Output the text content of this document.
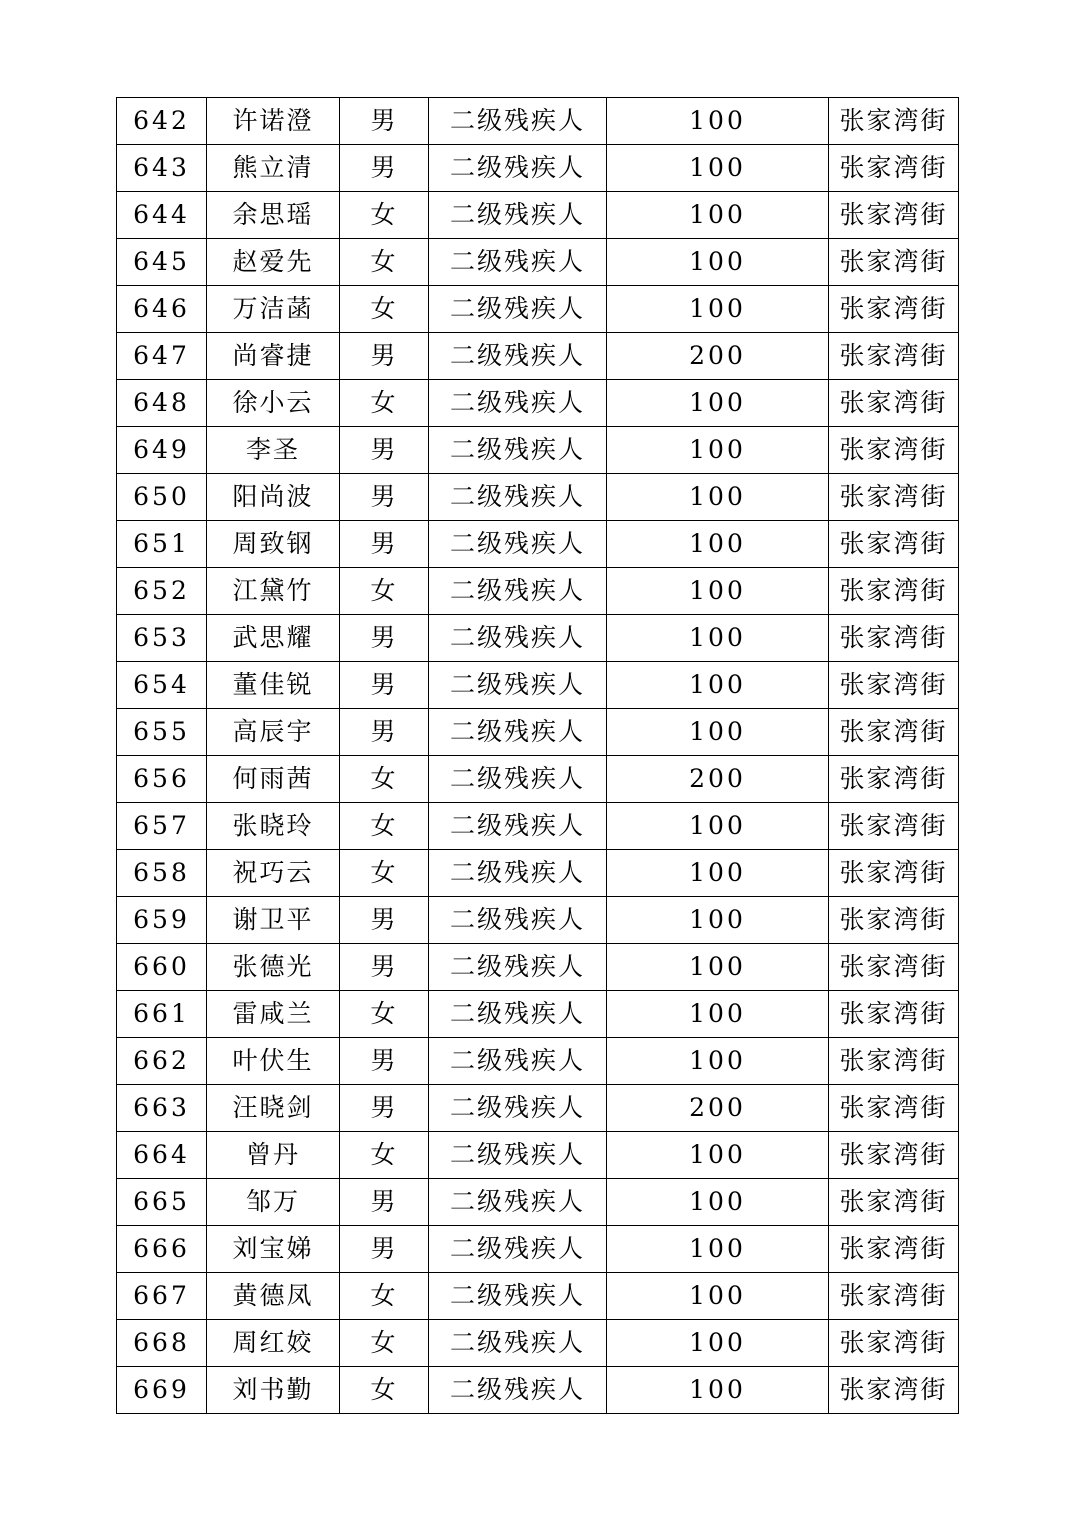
642	许诺澄	男	二级残疾人	100	张家湾街
643	熊立清	男	二级残疾人	100	张家湾街
644	余思瑶	女	二级残疾人	100	张家湾街
645	赵爱先	女	二级残疾人	100	张家湾街
646	万洁菡	女	二级残疾人	100	张家湾街
647	尚睿捷	男	二级残疾人	200	张家湾街
648	徐小云	女	二级残疾人	100	张家湾街
649	李圣	男	二级残疾人	100	张家湾街
650	阳尚波	男	二级残疾人	100	张家湾街
651	周致钢	男	二级残疾人	100	张家湾街
652	江黛竹	女	二级残疾人	100	张家湾街
653	武思耀	男	二级残疾人	100	张家湾街
654	董佳锐	男	二级残疾人	100	张家湾街
655	高辰宇	男	二级残疾人	100	张家湾街
656	何雨茜	女	二级残疾人	200	张家湾街
657	张晓玲	女	二级残疾人	100	张家湾街
658	祝巧云	女	二级残疾人	100	张家湾街
659	谢卫平	男	二级残疾人	100	张家湾街
660	张德光	男	二级残疾人	100	张家湾街
661	雷咸兰	女	二级残疾人	100	张家湾街
662	叶伏生	男	二级残疾人	100	张家湾街
663	汪晓剑	男	二级残疾人	200	张家湾街
664	曾丹	女	二级残疾人	100	张家湾街
665	邹万	男	二级残疾人	100	张家湾街
666	刘宝娣	男	二级残疾人	100	张家湾街
667	黄德凤	女	二级残疾人	100	张家湾街
668	周红姣	女	二级残疾人	100	张家湾街
669	刘书勤	女	二级残疾人	100	张家湾街
